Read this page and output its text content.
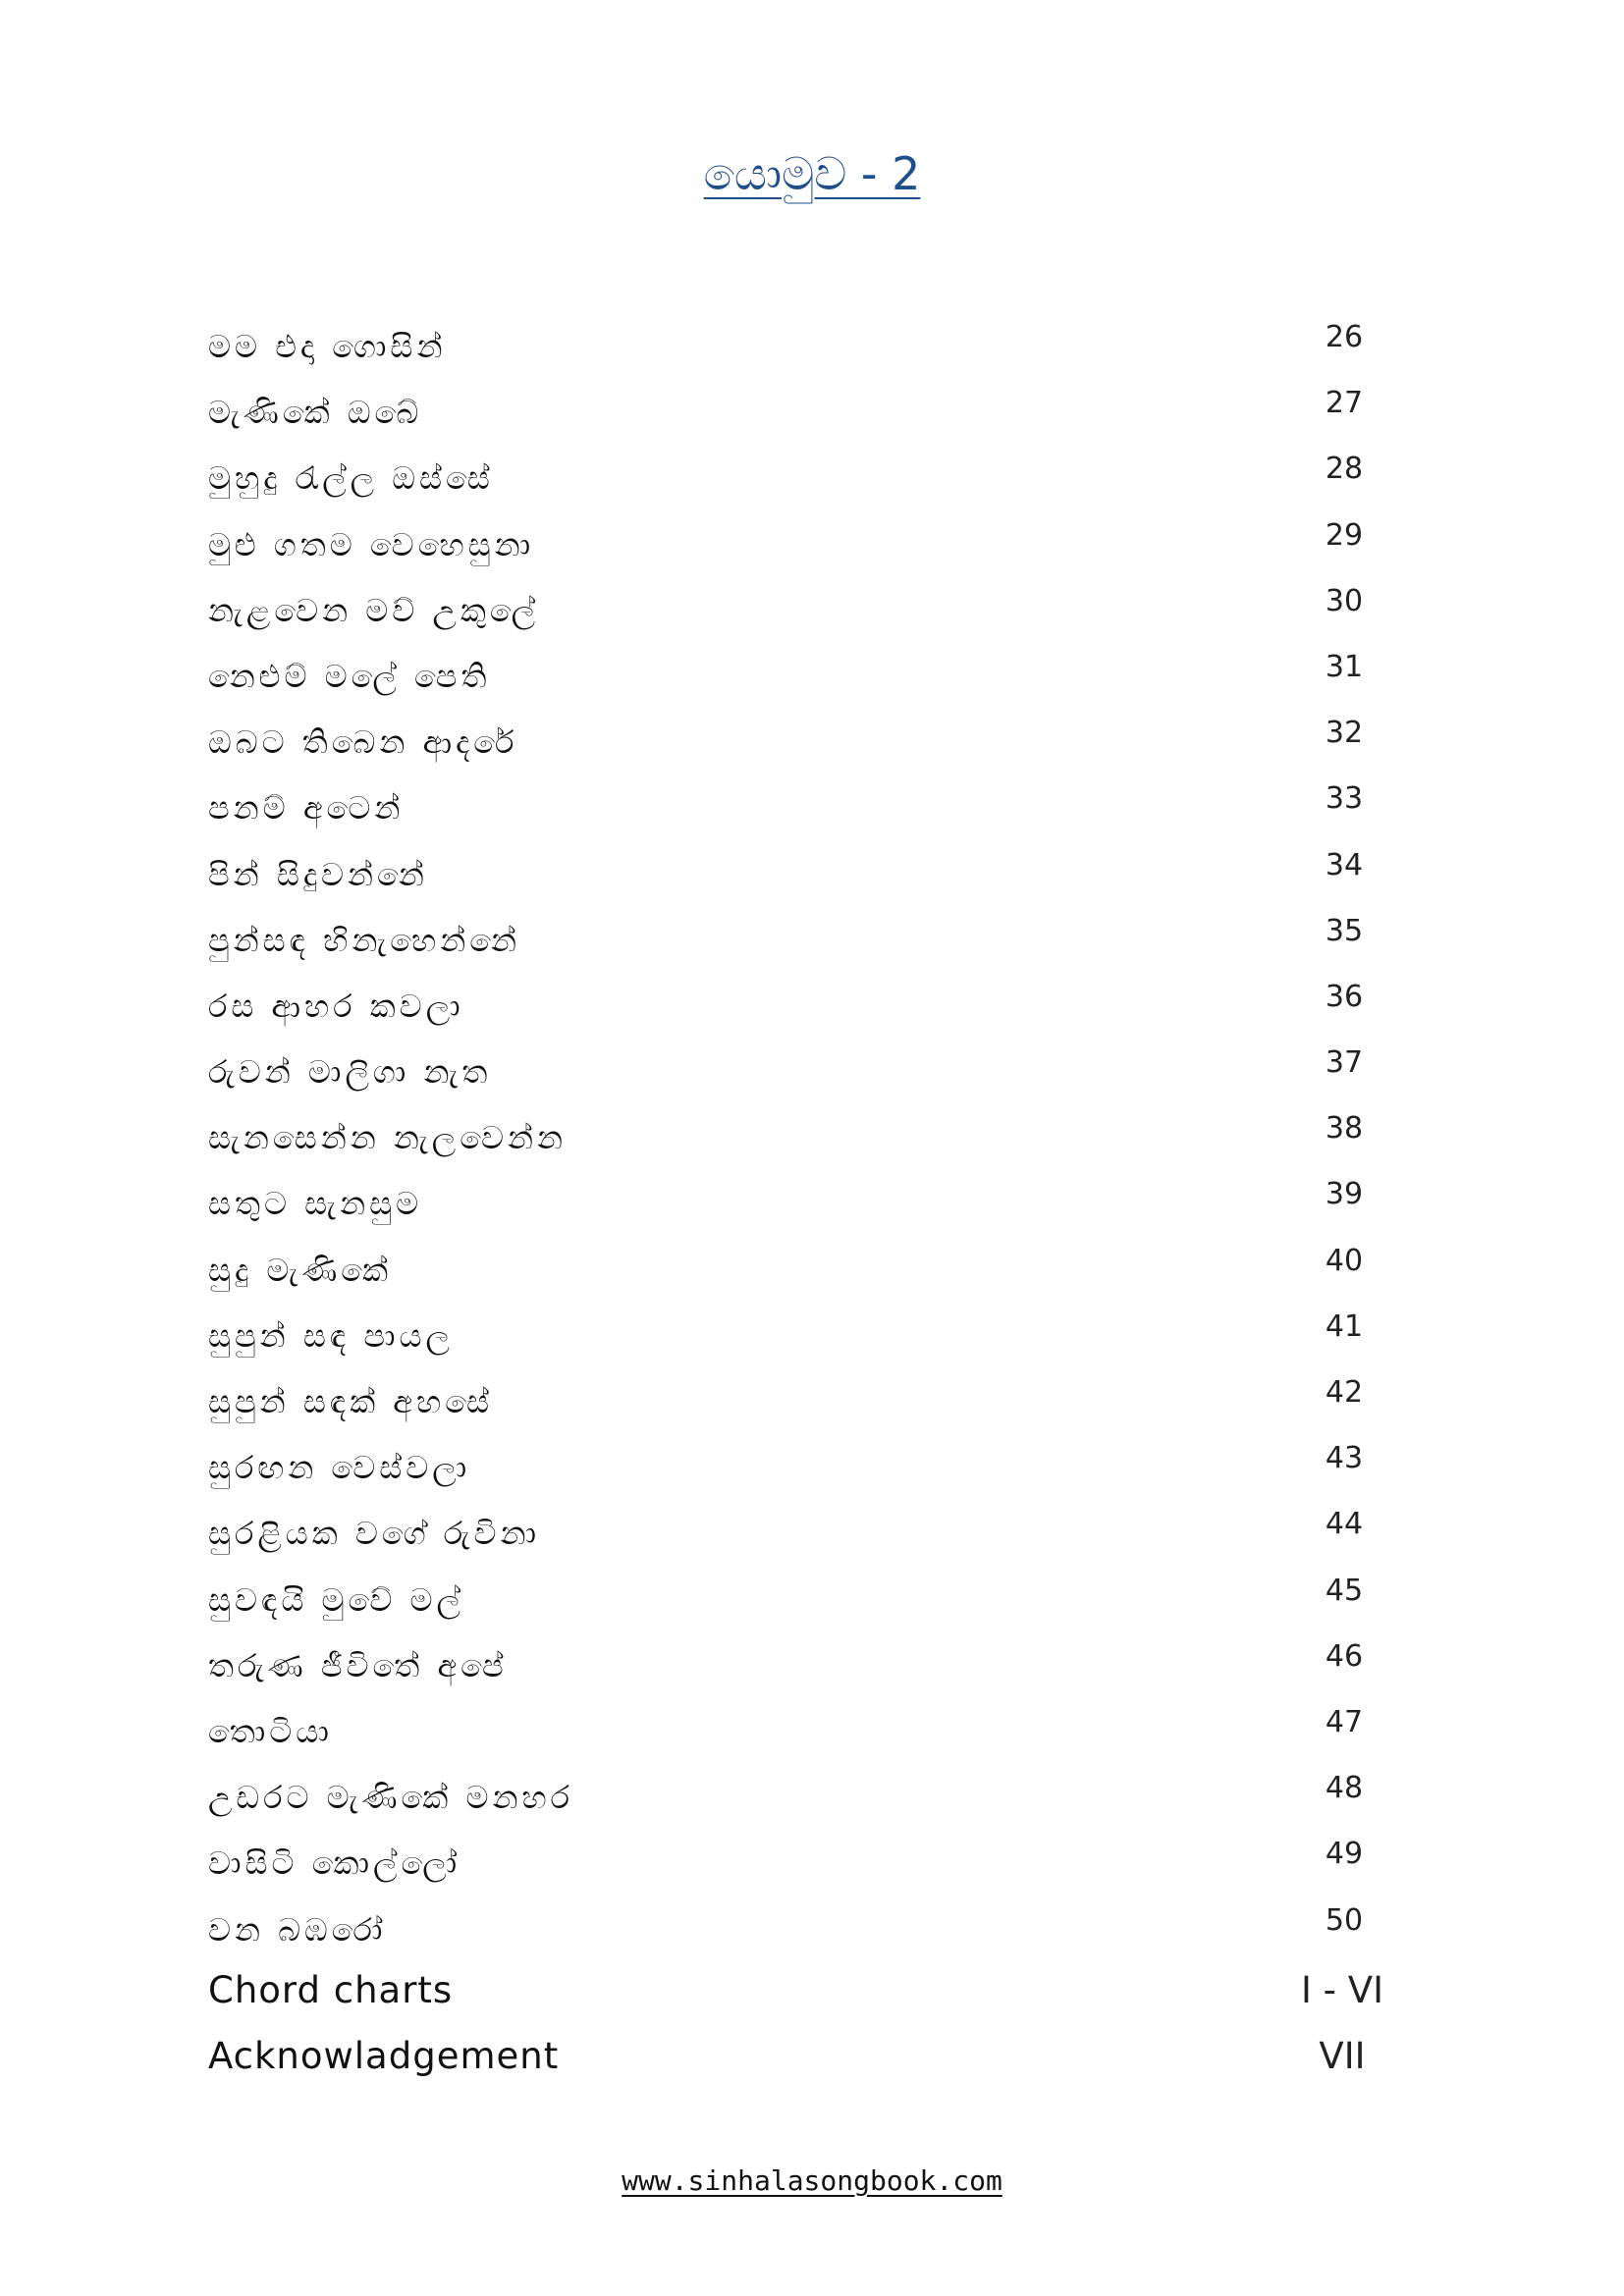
යොමුව - 2
මම එදා ගොසින්	26
මැණිකේ ඔබේ	27
මුහුදු රැල්ල ඔස්සේ	28
මුළු ගතම වෙහෙසුනා	29
නැළවෙන මව් උකුලේ	30
නෙළුම් මලේ පෙති	31
ඔබට තිබෙන ආදරේ	32
පනම් අටෙන්	33
පින් සිදුවන්නේ	34
පුන්සඳ හිනැහෙන්නේ	35
රස ආහර කවලා	36
රුවන් මාලිගා නැත	37
සැනසෙන්න නැලවෙන්න	38
සතුට සැනසුම	39
සුදු මැණිකේ	40
සුපුන් සඳ පායල	41
සුපුන් සඳක් අහසේ	42
සුරඟන වෙස්වලා	43
සුරළියක වගේ රුවිනා	44
සුවඳයි මුවේ මල්	45
තරුණ ජීවිතේ අපේ	46
තොටියා	47
උඩරට මැණිකේ මනහර	48
වාසිටි කොල්ලෝ	49
වන බඹරෝ	50
Chord charts	I - VI
Acknowladgement	VII
www.sinhalasongbook.com
